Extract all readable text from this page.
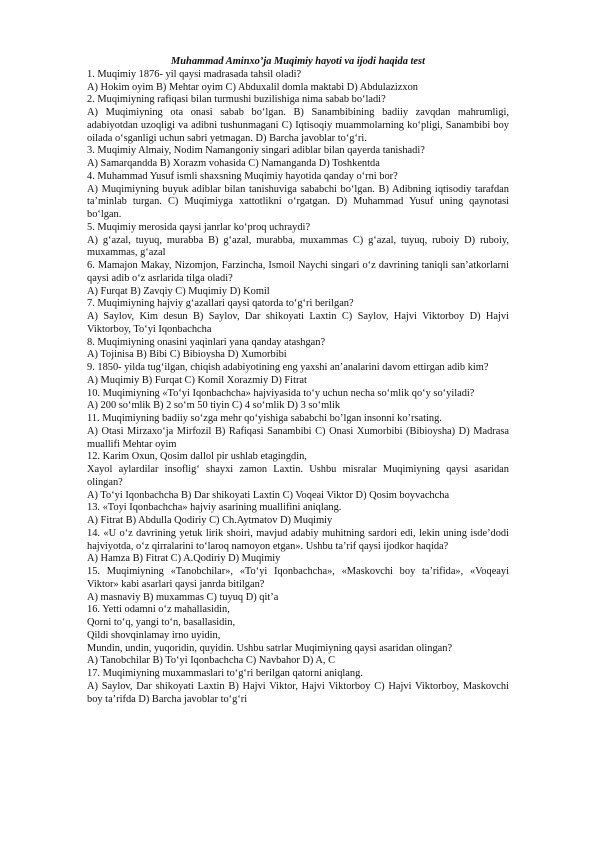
Muhammad Aminxo’ja Muqimiy hayoti va ijodi haqida test

1. Muqimiy 1876- yil qaysi madrasada tahsil oladi?

A) Hokim oyim B) Mehtar oyim C) Abduxalil domla maktabi D) Abdulazizxon

2. Muqimiyning rafiqasi bilan turmushi buzilishiga nima sabab bo‘ladi?

A) Muqimiyning ota onasi sabab bo‘lgan. B) Sanambibining badiiy zavqdan mahrumligi, adabiyotdan uzoqligi va adibni tushunmagani C) Iqtisoqiy muammolarning ko‘pligi, Sanambibi boy oilada o‘sganligi uchun sabri yetmagan. D) Barcha javoblar to‘g‘ri.

3. Muqimiy Almaiy, Nodim Namangoniy singari adiblar bilan qayerda tanishadi?

A) Samarqandda B) Xorazm vohasida C) Namanganda D) Toshkentda

4. Muhammad Yusuf ismli shaxsning Muqimiy hayotida qanday o‘rni bor?

A) Muqimiyning buyuk adiblar bilan tanishuviga sababchi bo‘lgan. B) Adibning iqtisodiy tarafdan ta’minlab turgan. C) Muqimiyga xattotlikni o‘rgatgan. D) Muhammad Yusuf uning qaynotasi bo‘lgan.

5. Muqimiy merosida qaysi janrlar ko‘proq uchraydi?

A) g‘azal, tuyuq, murabba B) g‘azal, murabba, muxammas C) g‘azal, tuyuq, ruboiy D) ruboiy, muxammas, g‘azal

6. Mamajon Makay, Nizomjon, Farzincha, Ismoil Naychi singari o‘z davrining taniqli san’atkorlarni qaysi adib o‘z asrlarida tilga oladi?

A) Furqat B) Zavqiy C) Muqimiy D) Komil

7. Muqimiyning hajviy g‘azallari qaysi qatorda to‘g‘ri berilgan?

A) Saylov, Kim desun B) Saylov, Dar shikoyati Laxtin C) Saylov, Hajvi Viktorboy D) Hajvi Viktorboy, To‘yi Iqonbachcha

8. Muqimiyning onasini yaqinlari yana qanday atashgan?

A) Tojinisa B) Bibi C) Bibioysha D) Xumorbibi

9. 1850- yilda tug‘ilgan, chiqish adabiyotining eng yaxshi an’analarini davom ettirgan adib kim?

A) Muqimiy B) Furqat C) Komil Xorazmiy D) Fitrat

10. Muqimiyning «To‘yi Iqonbachcha» hajviyasida to‘y uchun necha so‘mlik qo‘y so‘yiladi?

A) 200 so‘mlik B) 2 so‘m 50 tiyin C) 4 so‘mlik D) 3 so‘mlik

11. Muqimiyning badiiy so‘zga mehr qo‘yishiga sababchi bo’lgan insonni ko’rsating.

A) Otasi Mirzaxo‘ja Mirfozil B) Rafiqasi Sanambibi C) Onasi Xumorbibi (Bibioysha) D) Madrasa muallifi Mehtar oyim

12. Karim Oxun, Qosim dallol pir ushlab etagingdin,

Xayol aylardilar insoflig‘ shayxi zamon Laxtin. Ushbu misralar Muqimiyning qaysi asaridan olingan?

A) To‘yi Iqonbachcha B) Dar shikoyati Laxtin C) Voqeai Viktor D) Qosim boyvachcha

13. «Toyi Iqonbachcha» hajviy asarining muallifini aniqlang.

A) Fitrat B) Abdulla Qodiriy C) Ch.Aytmatov D) Muqimiy

14. «U o‘z davrining yetuk lirik shoiri, mavjud adabiy muhitning sardori edi, lekin uning isde’dodi hajviyotda, o‘z qirralarini to‘laroq namoyon etgan». Ushbu ta’rif qaysi ijodkor haqida?

A) Hamza B) Fitrat C) A.Qodiriy D) Muqimiy

15. Muqimiyning «Tanobchilar», «To‘yi Iqonbachcha», «Maskovchi boy ta’rifida», «Voqeayi Viktor» kabi asarlari qaysi janrda bitilgan?

A) masnaviy B) muxammas C) tuyuq D) qit’a

16. Yetti odamni o‘z mahallasidin,

Qorni to‘q, yangi to‘n, basallasidin,

Qildi shovqinlamay irno uyidin,

Mundin, undin, yuqoridin, quyidin. Ushbu satrlar Muqimiyning qaysi asaridan olingan?

A) Tanobchilar B) To‘yi Iqonbachcha C) Navbahor D) A, C

17. Muqimiyning muxammaslari to‘g‘ri berilgan qatorni aniqlang.

A) Saylov, Dar shikoyati Laxtin B) Hajvi Viktor, Hajvi Viktorboy C) Hajvi Viktorboy, Maskovchi boy ta’rifda D) Barcha javoblar to‘g‘ri
